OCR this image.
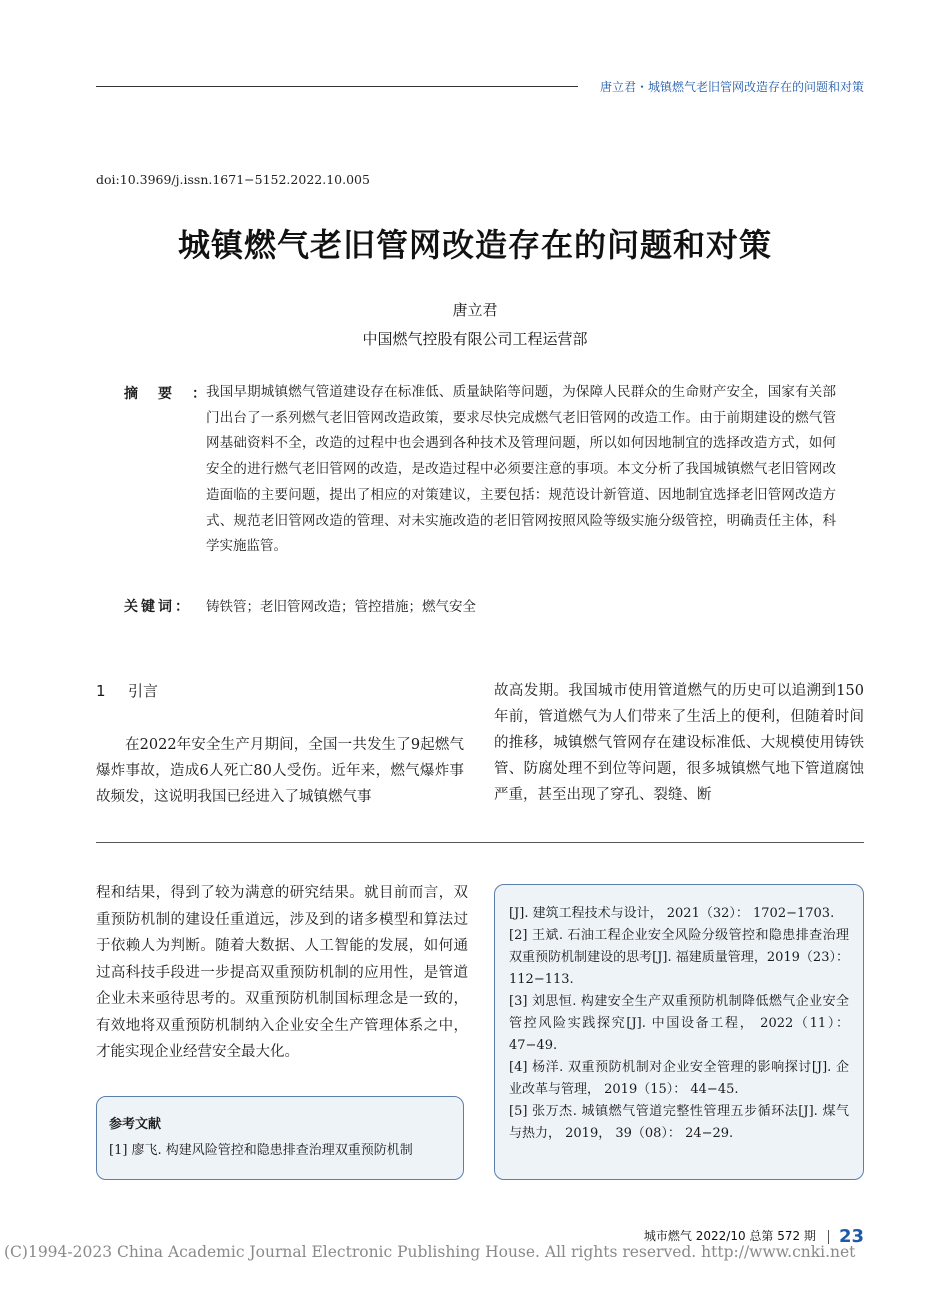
唐立君・城镇燃气老旧管网改造存在的问题和对策
doi:10.3969/j.issn.1671−5152.2022.10.005
城镇燃气老旧管网改造存在的问题和对策
唐立君
中国燃气控股有限公司工程运营部
摘要： 我国早期城镇燃气管道建设存在标准低、质量缺陷等问题，为保障人民群众的生命财产安全，国家有关部门出台了一系列燃气老旧管网改造政策，要求尽快完成燃气老旧管网的改造工作。由于前期建设的燃气管网基础资料不全，改造的过程中也会遇到各种技术及管理问题，所以如何因地制宜的选择改造方式，如何安全的进行燃气老旧管网的改造，是改造过程中必须要注意的事项。本文分析了我国城镇燃气老旧管网改造面临的主要问题，提出了相应的对策建议，主要包括：规范设计新管道、因地制宜选择老旧管网改造方式、规范老旧管网改造的管理、对未实施改造的老旧管网按照风险等级实施分级管控，明确责任主体，科学实施监管。
关键词： 铸铁管；老旧管网改造；管控措施；燃气安全
1 引言
在2022年安全生产月期间，全国一共发生了9起燃气爆炸事故，造成6人死亡80人受伤。近年来，燃气爆炸事故频发，这说明我国已经进入了城镇燃气事
故高发期。我国城市使用管道燃气的历史可以追溯到150年前，管道燃气为人们带来了生活上的便利，但随着时间的推移，城镇燃气管网存在建设标准低、大规模使用铸铁管、防腐处理不到位等问题，很多城镇燃气地下管道腐蚀严重，甚至出现了穿孔、裂缝、断
程和结果，得到了较为满意的研究结果。就目前而言，双重预防机制的建设任重道远，涉及到的诸多模型和算法过于依赖人为判断。随着大数据、人工智能的发展，如何通过高科技手段进一步提高双重预防机制的应用性，是管道企业未来亟待思考的。双重预防机制国标理念是一致的，有效地将双重预防机制纳入企业安全生产管理体系之中，才能实现企业经营安全最大化。
参考文献
[1] 廖飞. 构建风险管控和隐患排查治理双重预防机制
[J]. 建筑工程技术与设计， 2021（32）： 1702−1703.
[2] 王斌. 石油工程企业安全风险分级管控和隐患排查治理双重预防机制建设的思考[J]. 福建质量管理，2019（23）： 112−113.
[3] 刘思恒. 构建安全生产双重预防机制降低燃气企业安全管控风险实践探究[J]. 中国设备工程， 2022（11）： 47−49.
[4] 杨洋. 双重预防机制对企业安全管理的影响探讨[J]. 企业改革与管理， 2019（15）： 44−45.
[5] 张万杰. 城镇燃气管道完整性管理五步循环法[J]. 煤气与热力， 2019， 39（08）： 24−29.
城市燃气 2022/10 总第 572 期 23
(C)1994-2023 China Academic Journal Electronic Publishing House. All rights reserved. http://www.cnki.net
